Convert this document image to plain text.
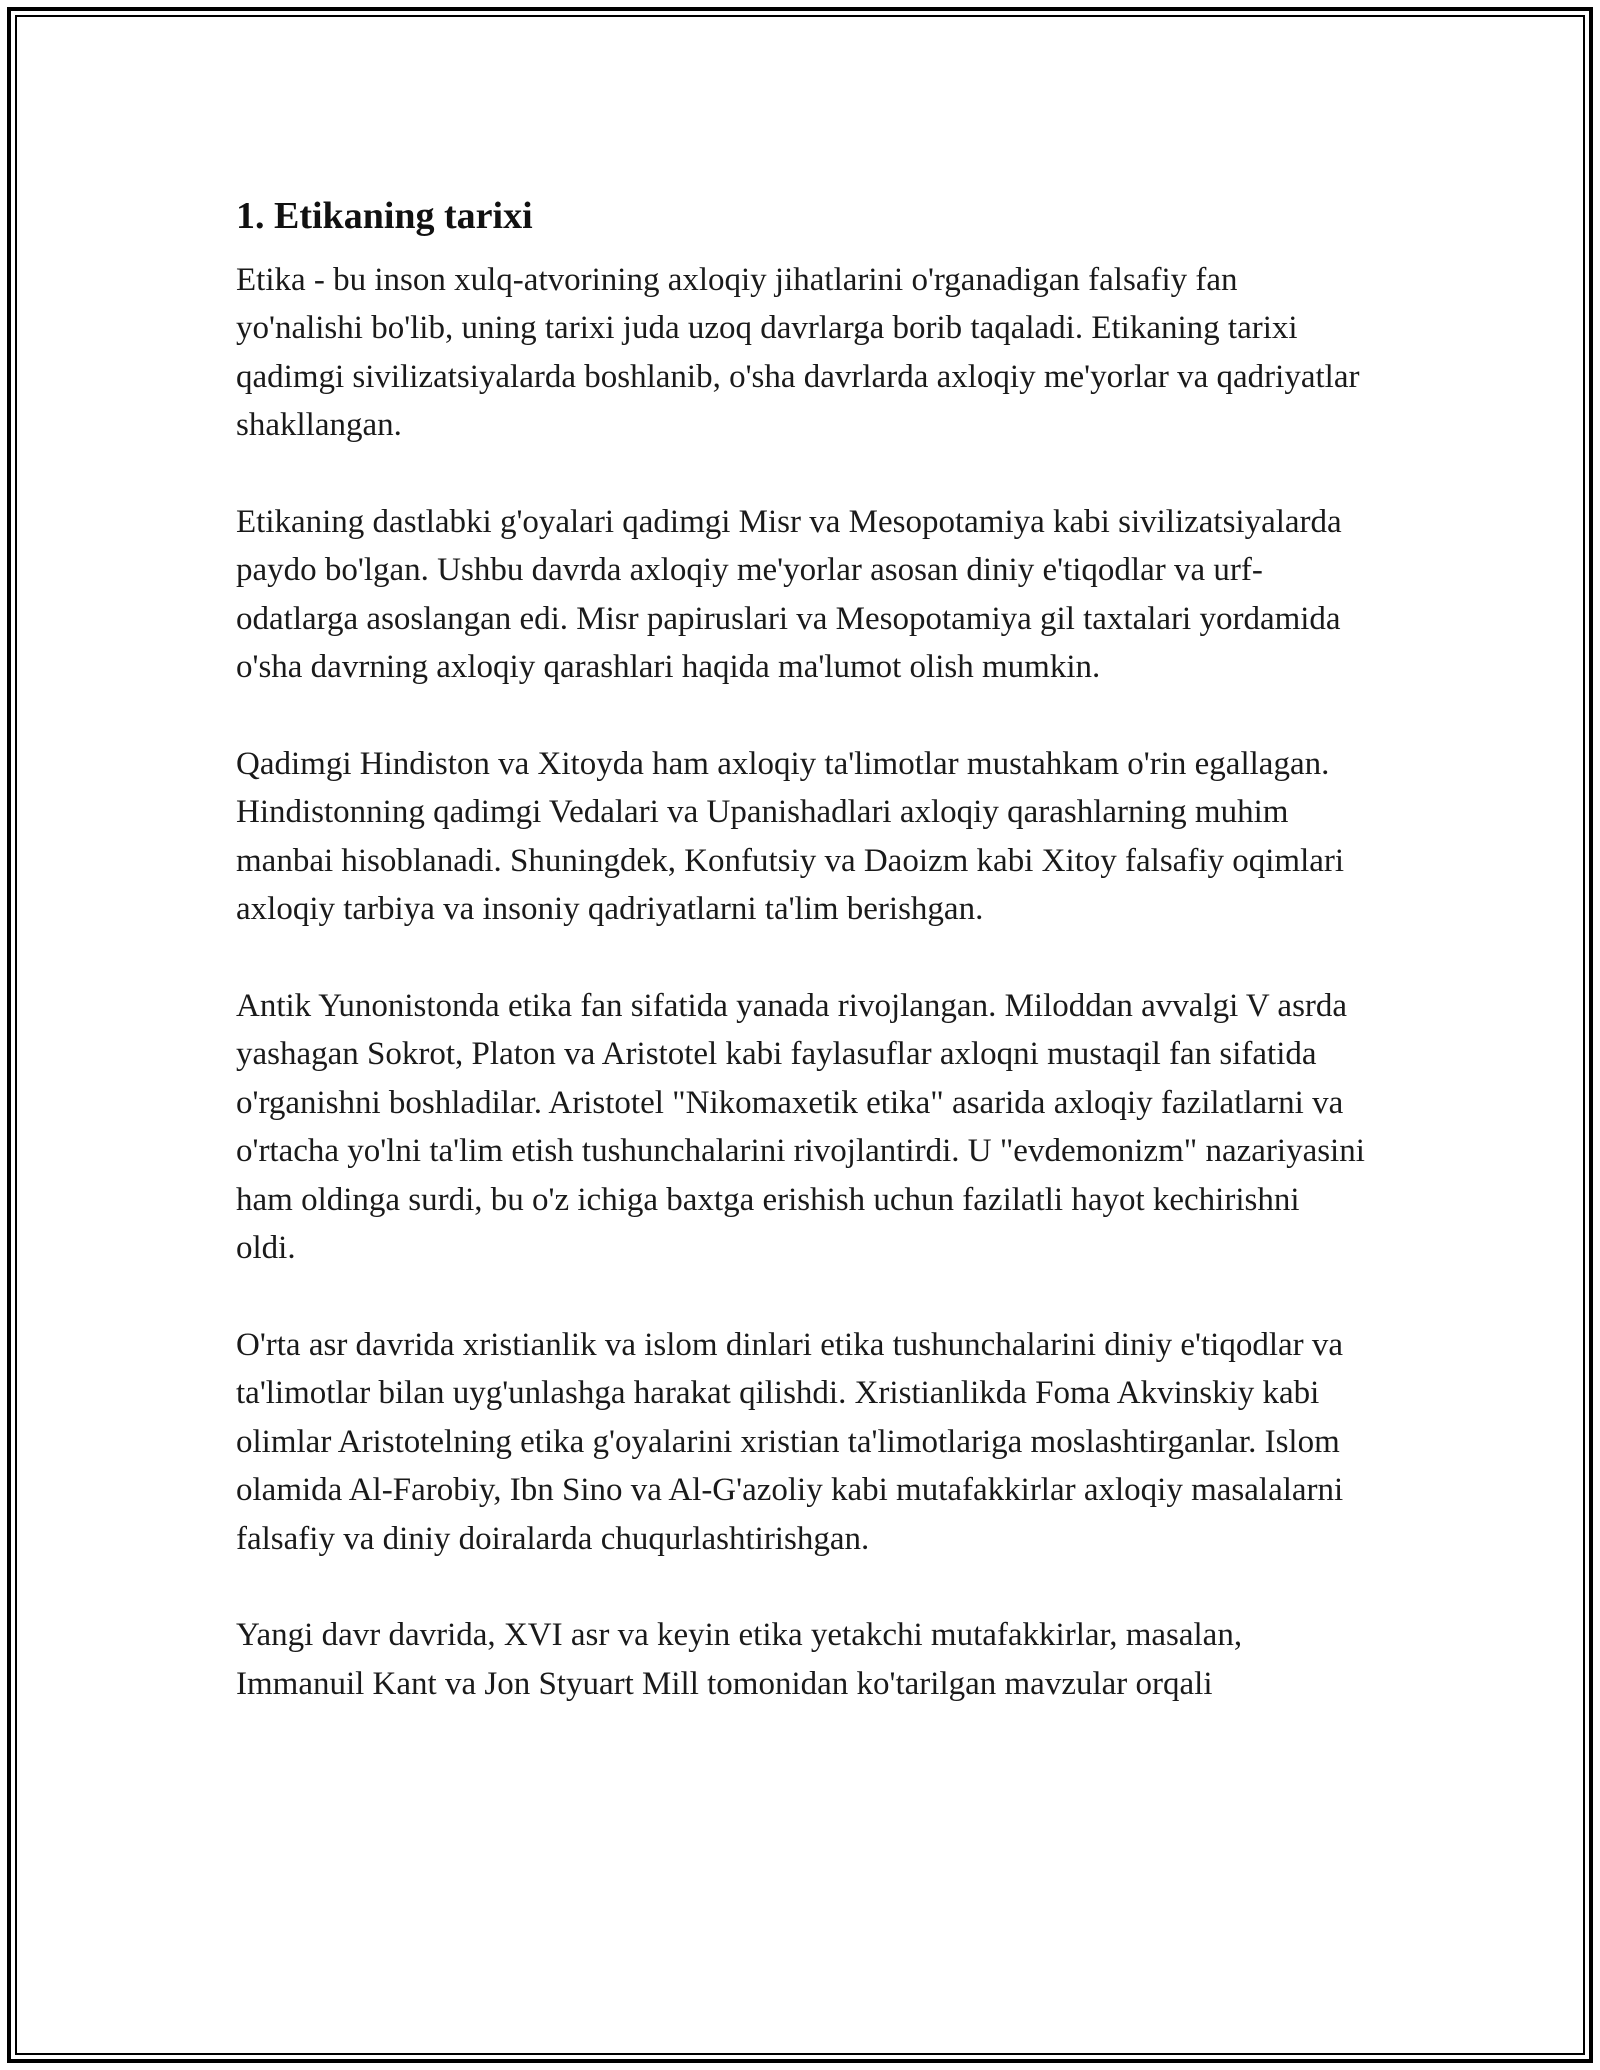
1. Etikaning tarixi

Etika - bu inson xulq-atvorining axloqiy jihatlarini o'rganadigan falsafiy fan yo'nalishi bo'lib, uning tarixi juda uzoq davrlarga borib taqaladi. Etikaning tarixi qadimgi sivilizatsiyalarda boshlanib, o'sha davrlarda axloqiy me'yorlar va qadriyatlar shakllangan.

Etikaning dastlabki g'oyalari qadimgi Misr va Mesopotamiya kabi sivilizatsiyalarda paydo bo'lgan. Ushbu davrda axloqiy me'yorlar asosan diniy e'tiqodlar va urf-odatlarga asoslangan edi. Misr papiruslari va Mesopotamiya gil taxtalari yordamida o'sha davrning axloqiy qarashlari haqida ma'lumot olish mumkin.

Qadimgi Hindiston va Xitoyda ham axloqiy ta'limotlar mustahkam o'rin egallagan. Hindistonning qadimgi Vedalari va Upanishadlari axloqiy qarashlarning muhim manbai hisoblanadi. Shuningdek, Konfutsiy va Daoizm kabi Xitoy falsafiy oqimlari axloqiy tarbiya va insoniy qadriyatlarni ta'lim berishgan.

Antik Yunonistonda etika fan sifatida yanada rivojlangan. Miloddan avvalgi V asrda yashagan Sokrot, Platon va Aristotel kabi faylasuflar axloqni mustaqil fan sifatida o'rganishni boshladilar. Aristotel "Nikomaxetik etika" asarida axloqiy fazilatlarni va o'rtacha yo'lni ta'lim etish tushunchalarini rivojlantirdi. U "evdemonizm" nazariyasini ham oldinga surdi, bu o'z ichiga baxtga erishish uchun fazilatli hayot kechirishni oldi.

O'rta asr davrida xristianlik va islom dinlari etika tushunchalarini diniy e'tiqodlar va ta'limotlar bilan uyg'unlashga harakat qilishdi. Xristianlikda Foma Akvinskiy kabi olimlar Aristotelning etika g'oyalarini xristian ta'limotlariga moslashtirganlar. Islom olamida Al-Farobiy, Ibn Sino va Al-G'azoliy kabi mutafakkirlar axloqiy masalalarni falsafiy va diniy doiralarda chuqurlashtirishgan.

Yangi davr davrida, XVI asr va keyin etika yetakchi mutafakkirlar, masalan, Immanuil Kant va Jon Styuart Mill tomonidan ko'tarilgan mavzular orqali
